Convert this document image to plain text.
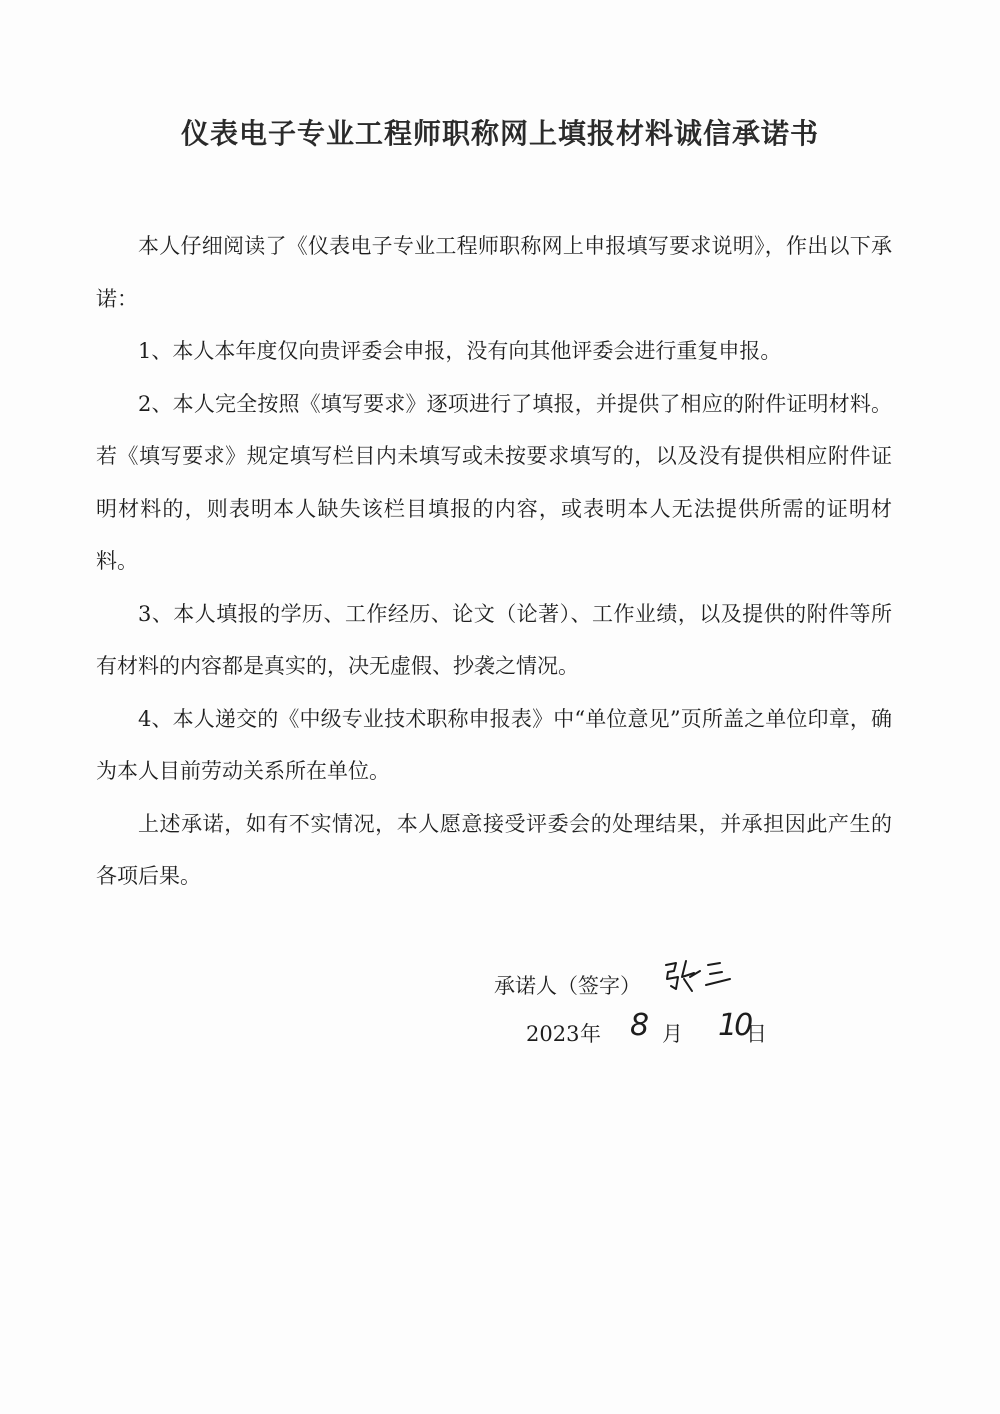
仪表电子专业工程师职称网上填报材料诚信承诺书

本人仔细阅读了《仪表电子专业工程师职称网上申报填写要求说明》，作出以下承诺：

1、本人本年度仅向贵评委会申报，没有向其他评委会进行重复申报。

2、本人完全按照《填写要求》逐项进行了填报，并提供了相应的附件证明材料。若《填写要求》规定填写栏目内未填写或未按要求填写的，以及没有提供相应附件证明材料的，则表明本人缺失该栏目填报的内容，或表明本人无法提供所需的证明材料。

3、本人填报的学历、工作经历、论文（论著）、工作业绩，以及提供的附件等所有材料的内容都是真实的，决无虚假、抄袭之情况。

4、本人递交的《中级专业技术职称申报表》中“单位意见”页所盖之单位印章，确为本人目前劳动关系所在单位。

上述承诺，如有不实情况，本人愿意接受评委会的处理结果，并承担因此产生的各项后果。

承诺人（签字）
2023 年 8 月 10
日
